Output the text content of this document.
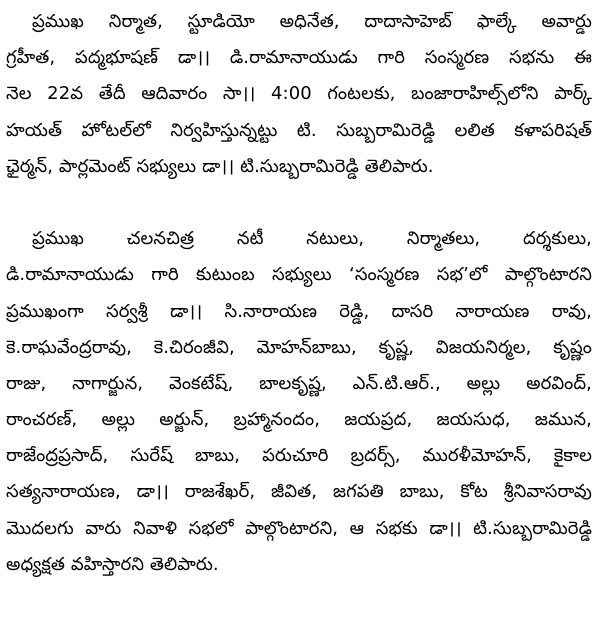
ప్రముఖ నిర్మాత, స్టూడియో అధినేత, దాదాసాహెబ్ ఫాల్కే అవార్డు
గ్రహీత, పద్మభూషణ్ డా।। డి.రామానాయుడు గారి సంస్మరణ సభను ఈ
నెల 22వ తేదీ ఆదివారం సా।। 4:00 గంటలకు, బంజారాహిల్స్‌లోని పార్క్
హయత్ హోటల్‌లో నిర్వహిస్తున్నట్టు టి. సుబ్బరామిరెడ్డి లలిత కళాపరిషత్
ఛైర్మన్, పార్లమెంట్ సభ్యులు డా।। టి.సుబ్బరామిరెడ్డి తెలిపారు.
ప్రముఖ చలనచిత్ర నటీ నటులు, నిర్మాతలు, దర్శకులు,
డి.రామానాయుడు గారి కుటుంబ సభ్యులు ‘సంస్మరణ సభ’లో పాల్గొంటారని
ప్రముఖంగా సర్వశ్రీ డా।। సి.నారాయణ రెడ్డి, దాసరి నారాయణ రావు,
కె.రాఘవేంద్రరావు, కె.చిరంజీవి, మోహన్‌బాబు, కృష్ణ, విజయనిర్మల, కృష్ణం
రాజు, నాగార్జున, వెంకటేష్, బాలకృష్ణ, ఎన్.టి.ఆర్., అల్లు అరవింద్,
రాంచరణ్, అల్లు అర్జున్, బ్రహ్మానందం, జయప్రద, జయసుధ, జమున,
రాజేంద్రప్రసాద్, సురేష్ బాబు, పరుచూరి బ్రదర్స్, మురళీమోహన్, కైకాల
సత్యనారాయణ, డా।। రాజశేఖర్, జీవిత, జగపతి బాబు, కోట శ్రీనివాసరావు
మొదలగు వారు నివాళి సభలో పాల్గొంటారని, ఆ సభకు డా।। టి.సుబ్బరామిరెడ్డి
అధ్యక్షత వహిస్తారని తెలిపారు.
